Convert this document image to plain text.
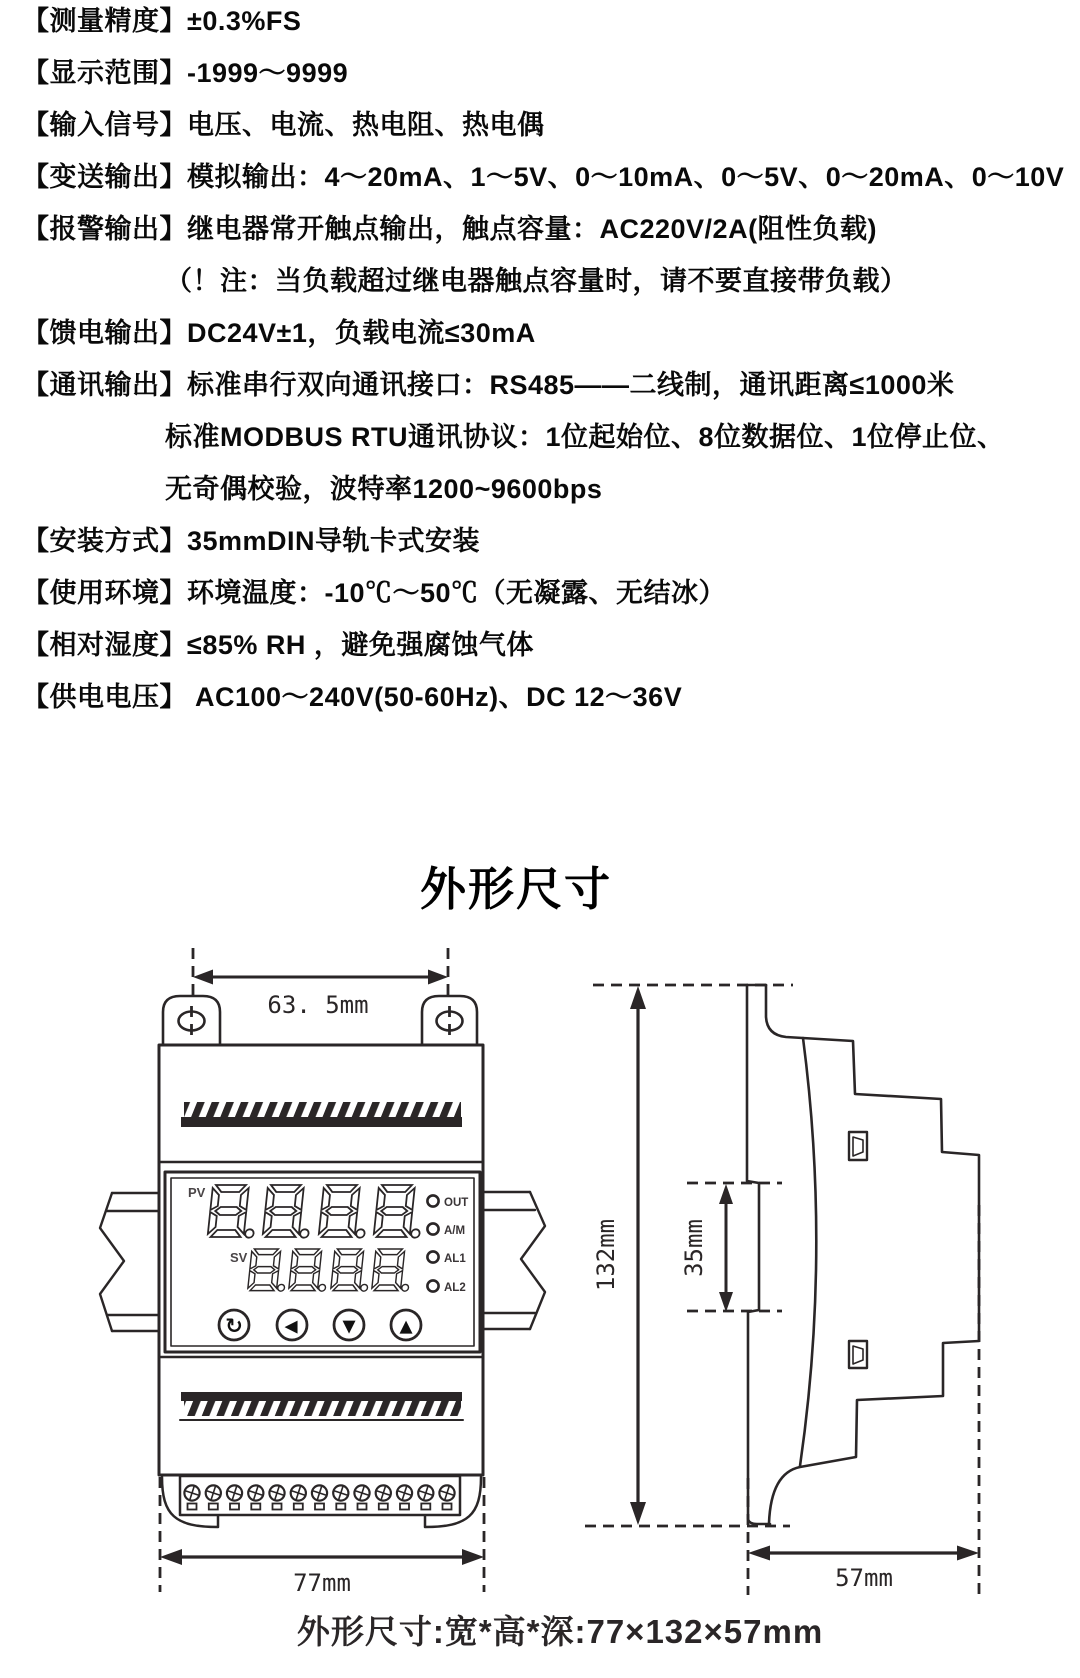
【测量精度】±0.3%FS
【显示范围】-1999～9999
【输入信号】电压、电流、热电阻、热电偶
【变送输出】模拟输出：4～20mA、1～5V、0～10mA、0～5V、0～20mA、0～10V
【报警输出】继电器常开触点输出，触点容量：AC220V/2A(阻性负载)
（！注：当负载超过继电器触点容量时，请不要直接带负载）
【馈电输出】DC24V±1，负载电流≤30mA
【通讯输出】标准串行双向通讯接口：RS485——二线制，通讯距离≤1000米
标准MODBUS RTU通讯协议：1位起始位、8位数据位、1位停止位、
无奇偶校验，波特率1200~9600bps
【安装方式】35mmDIN导轨卡式安装
【使用环境】环境温度：-10℃～50℃（无凝露、无结冰）
【相对湿度】≤85% RH ，避免强腐蚀气体
【供电电压】 AC100～240V(50-60Hz)、DC 12～36V
外形尺寸
63. 5mm
PV
SV
OUT
A/M
AL1
AL2
↻ ◀	▼	▲
77mm
132mm	35mm
57mm
外形尺寸:宽*高*深:77×132×57mm
